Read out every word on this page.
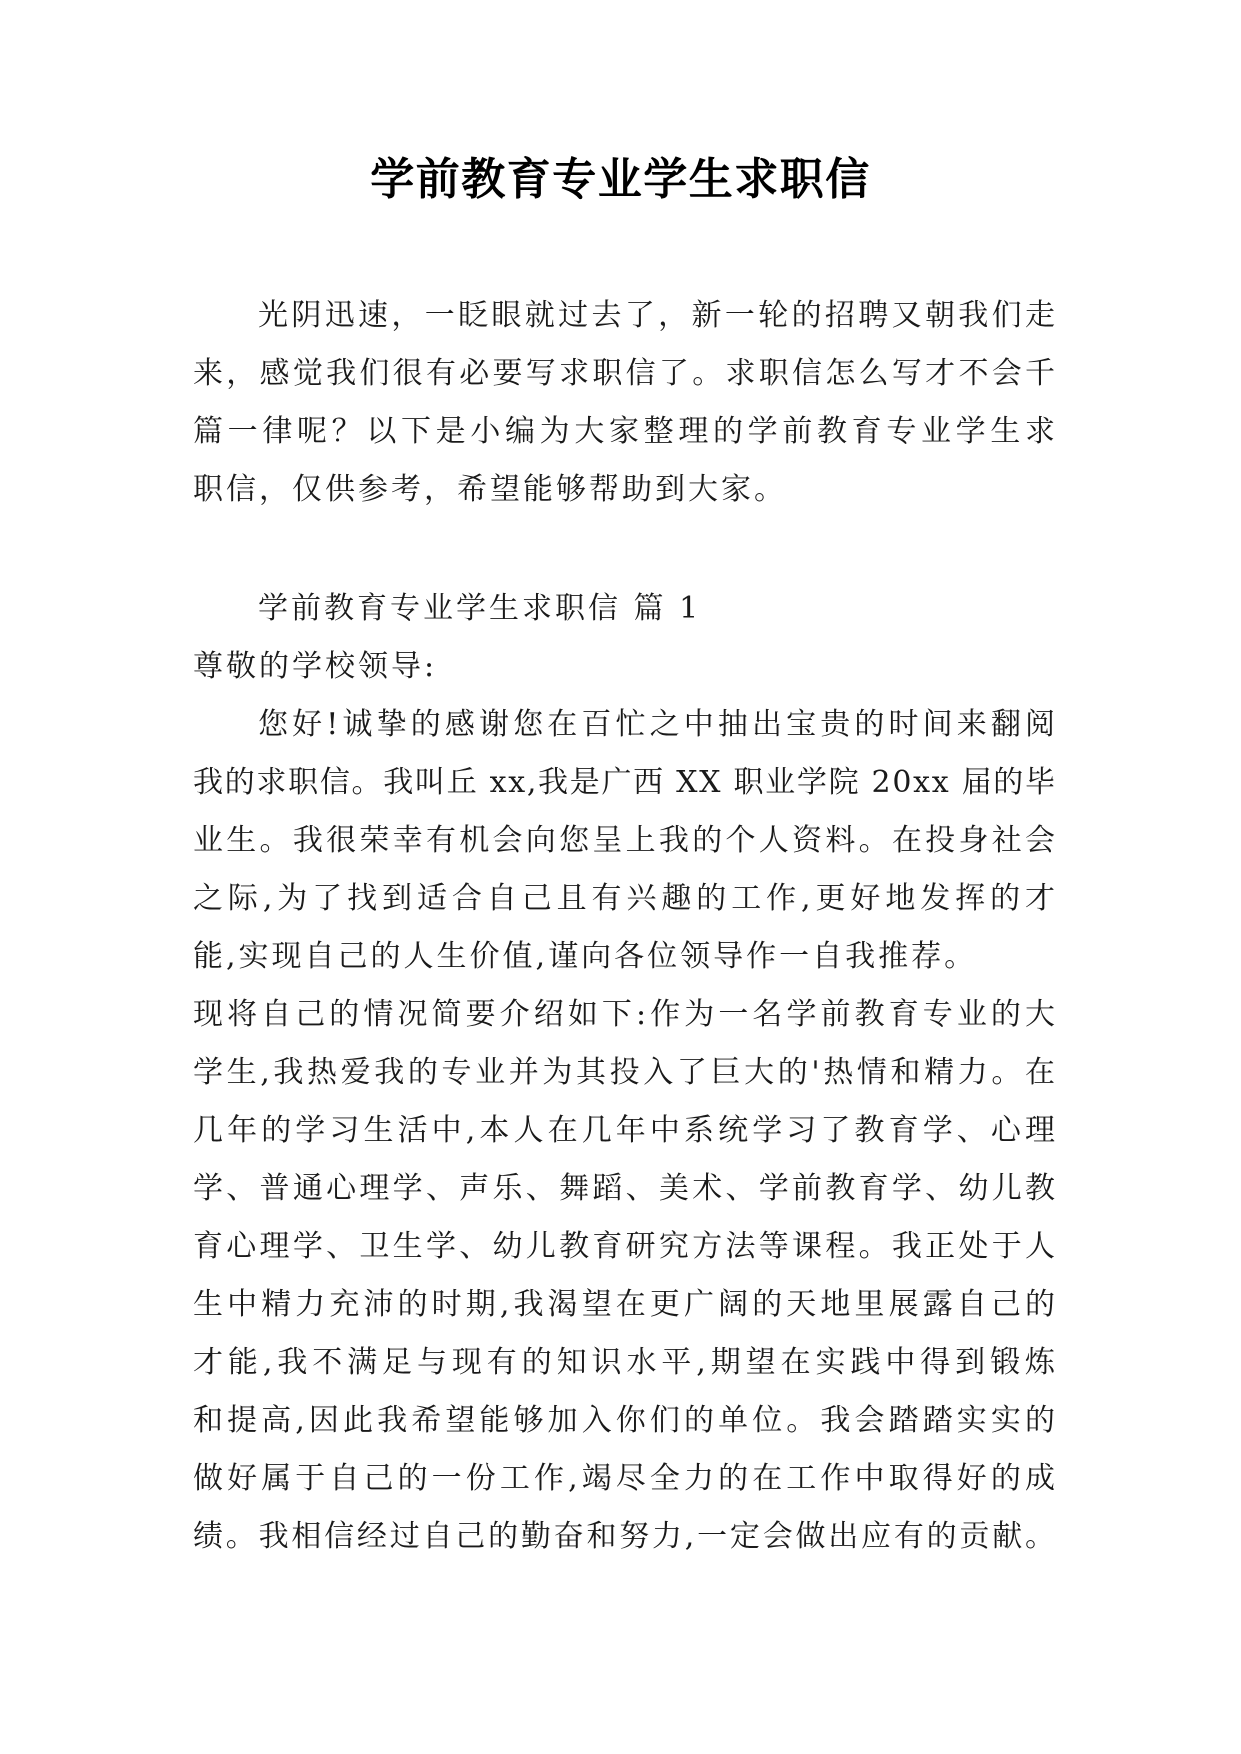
学前教育专业学生求职信
光阴迅速，一眨眼就过去了，新一轮的招聘又朝我们走
来，感觉我们很有必要写求职信了。求职信怎么写才不会千
篇一律呢？以下是小编为大家整理的学前教育专业学生求
职信，仅供参考，希望能够帮助到大家。
学前教育专业学生求职信 篇 1
尊敬的学校领导:
您好!诚挚的感谢您在百忙之中抽出宝贵的时间来翻阅
我的求职信。我叫丘 xx,我是广西 XX 职业学院 20xx 届的毕
业生。我很荣幸有机会向您呈上我的个人资料。在投身社会
之际,为了找到适合自己且有兴趣的工作,更好地发挥的才
能,实现自己的人生价值,谨向各位领导作一自我推荐。
现将自己的情况简要介绍如下:作为一名学前教育专业的大
学生,我热爱我的专业并为其投入了巨大的'热情和精力。在
几年的学习生活中,本人在几年中系统学习了教育学、心理
学、普通心理学、声乐、舞蹈、美术、学前教育学、幼儿教
育心理学、卫生学、幼儿教育研究方法等课程。我正处于人
生中精力充沛的时期,我渴望在更广阔的天地里展露自己的
才能,我不满足与现有的知识水平,期望在实践中得到锻炼
和提高,因此我希望能够加入你们的单位。我会踏踏实实的
做好属于自己的一份工作,竭尽全力的在工作中取得好的成
绩。我相信经过自己的勤奋和努力,一定会做出应有的贡献。
